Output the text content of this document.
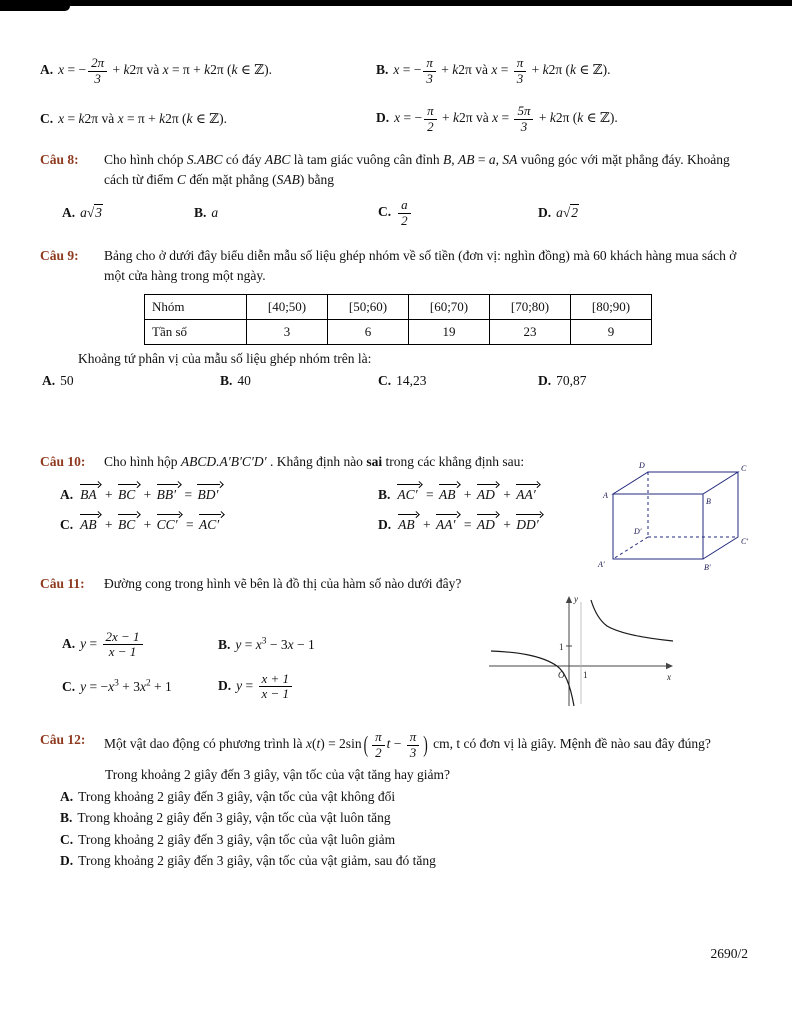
A. x = − $\frac{2\pi}{3} + k2\pi$ và x = π + k2π (k ∈ ℤ).	B. x = − $\frac{\pi}{3} + k2\pi$ và $x = \frac{\pi}{3} + k2\pi$ (k ∈ ℤ).
C. x = k2π và x = π + k2π (k ∈ ℤ).	D. x = − $\frac{\pi}{2} + k2\pi$ và $x = \frac{5\pi}{3} + k2\pi$ (k ∈ ℤ).
Câu 8: Cho hình chóp S.ABC có đáy ABC là tam giác vuông cân đỉnh B, AB = a, SA vuông góc với mặt phẳng đáy. Khoảng cách từ điểm C đến mặt phẳng (SAB) bằng
A. a√3	B. a	C. $\frac{a}{2}$	D. a√2
Câu 9: Bảng cho ở dưới đây biểu diễn mẫu số liệu ghép nhóm về số tiền (đơn vị: nghìn đồng) mà 60 khách hàng mua sách ở một cửa hàng trong một ngày.
Nhóm	[40;50)	[50;60)	[60;70)	[70;80)	[80;90)
Tần số	3	6	19	23	9
Khoảng tứ phân vị của mẫu số liệu ghép nhóm trên là:
A. 50	B. 40	C. 14,23	D. 70,87
Câu 10: Cho hình hộp ABCD.A′B′C′D′ . Khẳng định nào sai trong các khẳng định sau:
A. BA + BC + BB′ = BD′	B. AC′ = AB + AD + AA′
C. AB + BC + CC′ = AC′	D. AB + AA′ = AD + DD′
A
B
C
D
A′	B′
C′
D′
Câu 11: Đường cong trong hình vẽ bên là đồ thị của hàm số nào dưới đây?
A. $y = \frac{2x - 1}{x - 1}$	B. $y = x^3 - 3x - 1$
C. $y = -x^3 + 3x^2 + 1$	D. $y = \frac{x + 1}{x - 1}$
y
x
O 1
1
Câu 12: Một vật dao động có phương trình là x(t) = 2sin ( $\frac{\pi}{2}$ $t - \frac{\pi}{3}$ ) cm, t có đơn vị là giây. Mệnh đề nào sau đây đúng?
Trong khoảng 2 giây đến 3 giây, vận tốc của vật tăng hay giảm?
A. Trong khoảng 2 giây đến 3 giây, vận tốc của vật không đổi
B. Trong khoảng 2 giây đến 3 giây, vận tốc của vật luôn tăng
C. Trong khoảng 2 giây đến 3 giây, vận tốc của vật luôn giảm
D. Trong khoảng 2 giây đến 3 giây, vận tốc của vật giảm, sau đó tăng
2690/2
